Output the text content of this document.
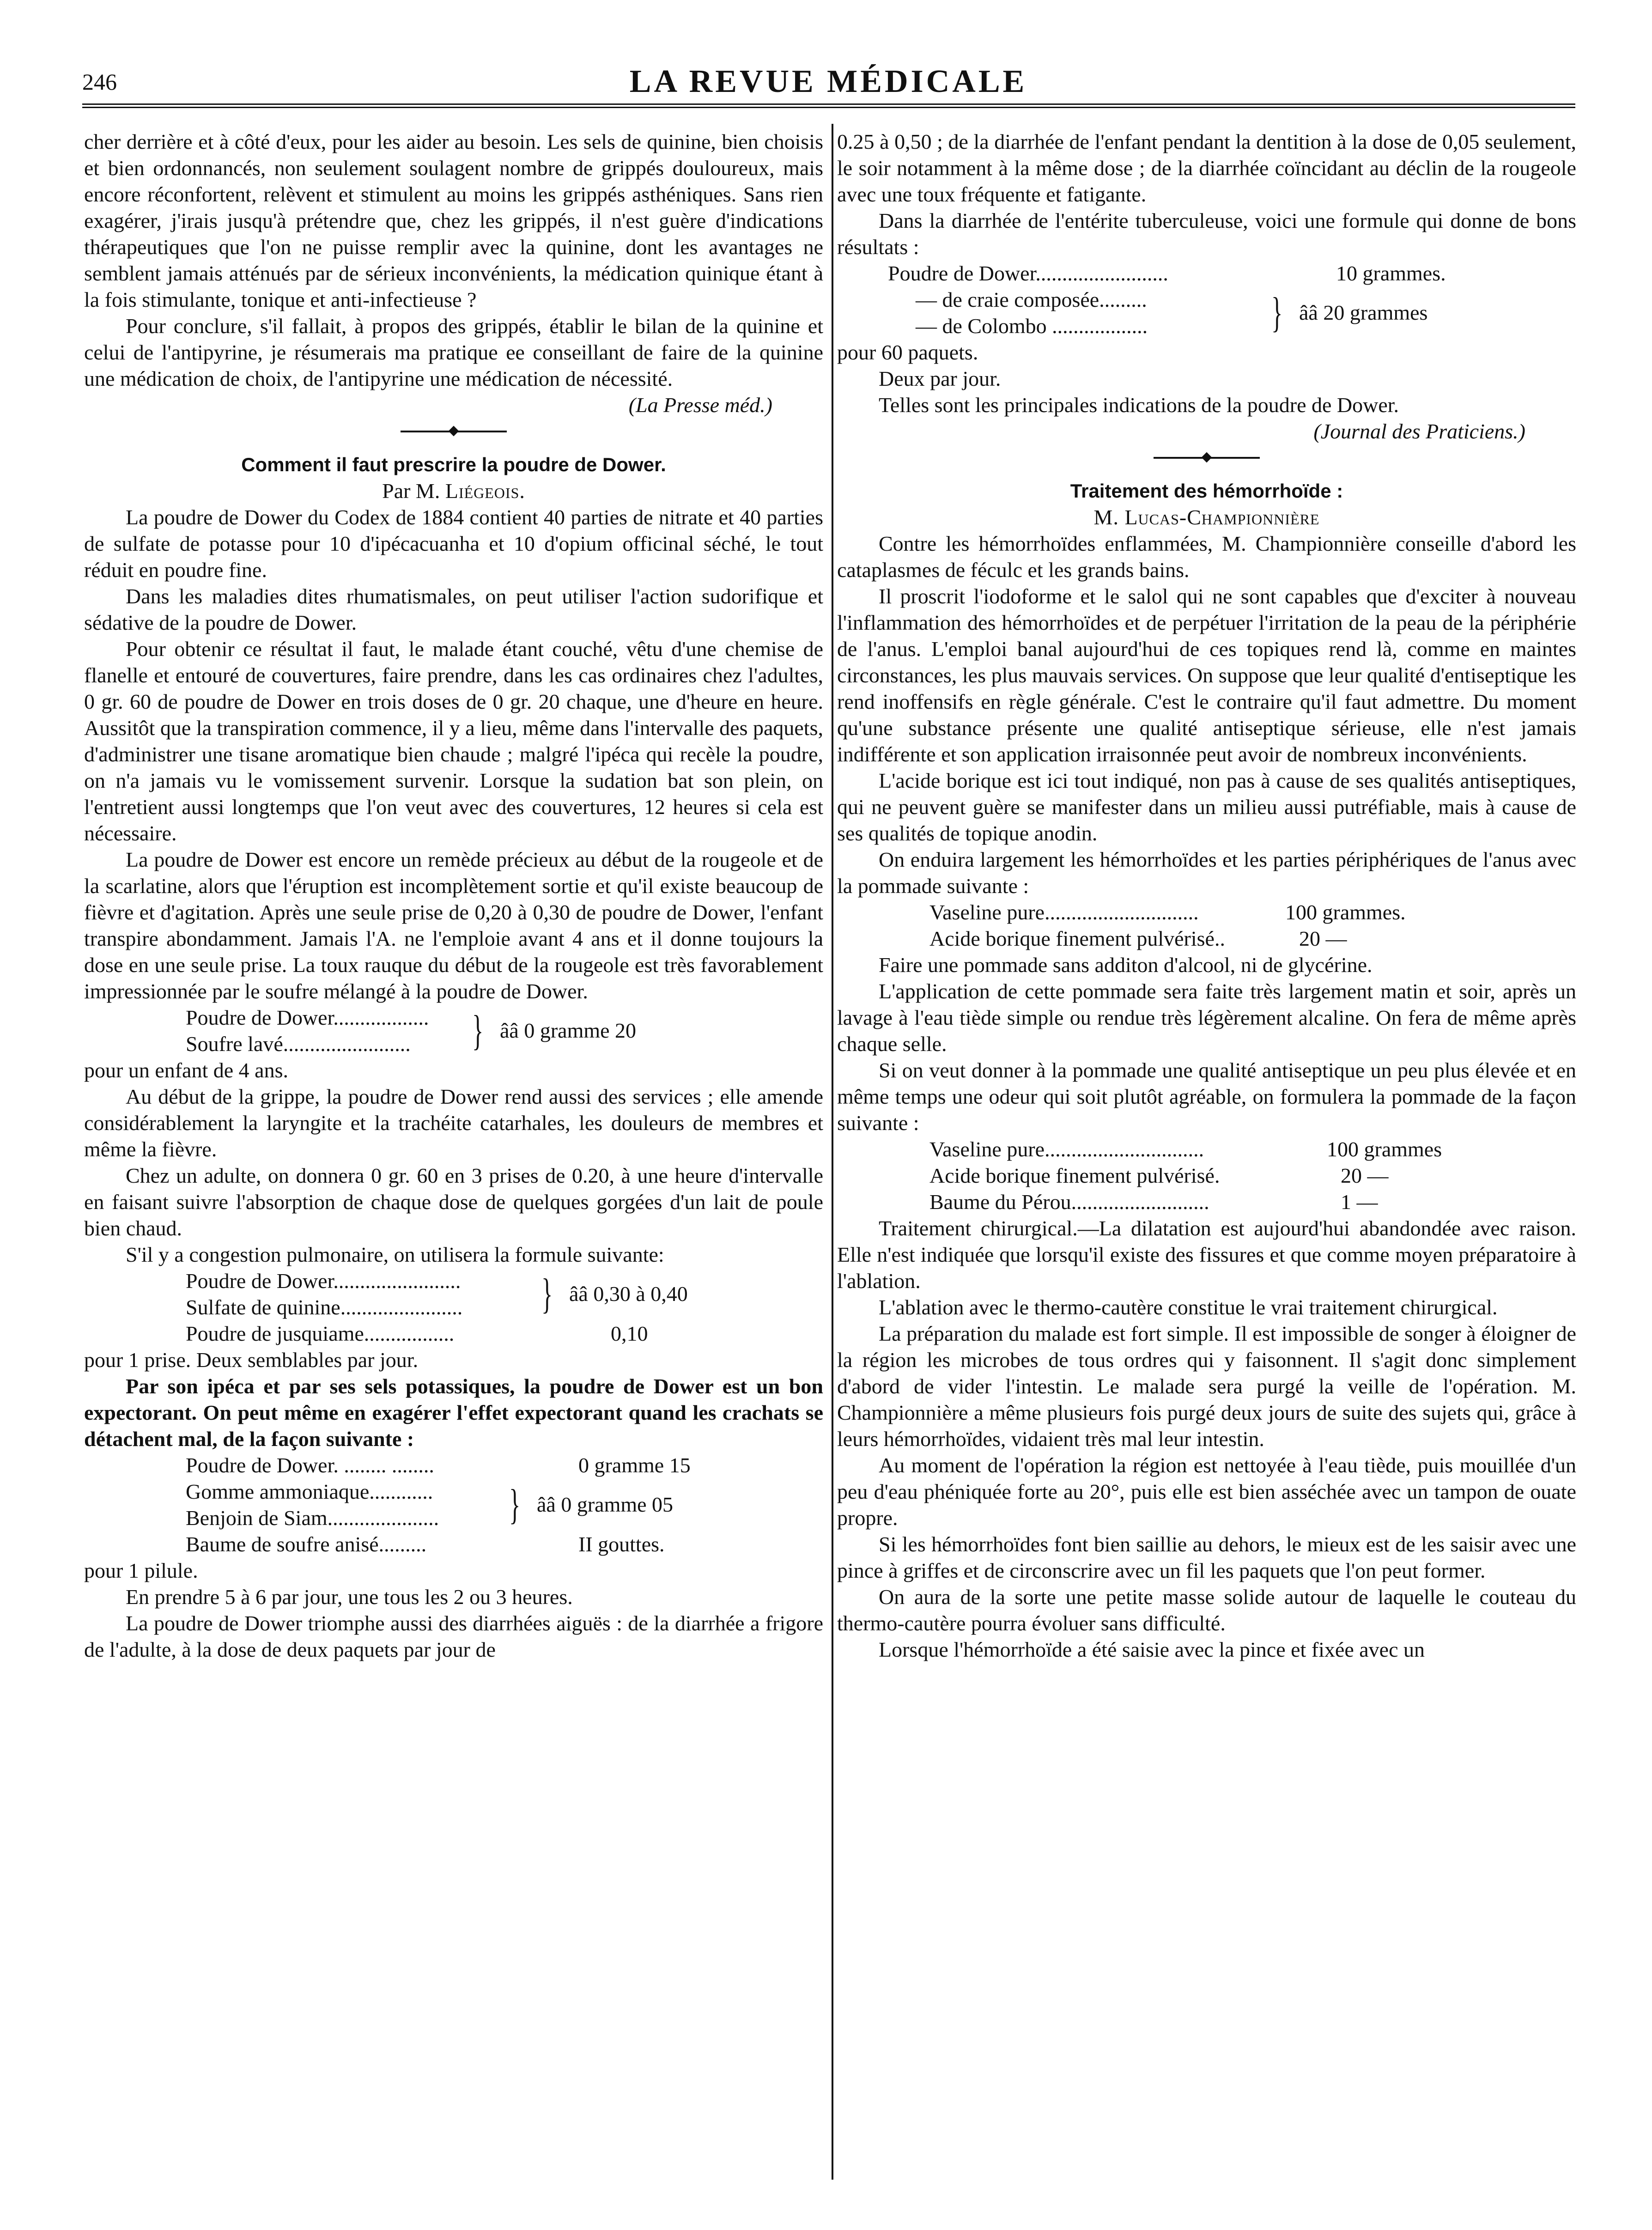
246	LA REVUE MÉDICALE

cher derrière et à côté d'eux, pour les aider au besoin. Les sels de quinine, bien choisis et bien ordonnancés, non seulement soulagent nombre de grippés douloureux, mais encore réconfortent, relèvent et stimulent au moins les grippés asthéniques. Sans rien exagérer, j'irais jusqu'à prétendre que, chez les grippés, il n'est guère d'indications thérapeutiques que l'on ne puisse remplir avec la quinine, dont les avantages ne semblent jamais atténués par de sérieux inconvénients, la médication quinique étant à la fois stimulante, tonique et anti-infectieuse ?

Pour conclure, s'il fallait, à propos des grippés, établir le bilan de la quinine et celui de l'antipyrine, je résumerais ma pratique ee conseillant de faire de la quinine une médication de choix, de l'antipyrine une médication de nécessité.

(La Presse méd.)

Comment il faut prescrire la poudre de Dower.
Par M. Liégeois.

La poudre de Dower du Codex de 1884 contient 40 parties de nitrate et 40 parties de sulfate de potasse pour 10 d'ipécacuanha et 10 d'opium officinal séché, le tout réduit en poudre fine.

Dans les maladies dites rhumatismales, on peut utiliser l'action sudorifique et sédative de la poudre de Dower.

Pour obtenir ce résultat il faut, le malade étant couché, vêtu d'une chemise de flanelle et entouré de couvertures, faire prendre, dans les cas ordinaires chez l'adultes, 0 gr. 60 de poudre de Dower en trois doses de 0 gr. 20 chaque, une d'heure en heure. Aussitôt que la transpiration commence, il y a lieu, même dans l'intervalle des paquets, d'administrer une tisane aromatique bien chaude ; malgré l'ipéca qui recèle la poudre, on n'a jamais vu le vomissement survenir. Lorsque la sudation bat son plein, on l'entretient aussi longtemps que l'on veut avec des couvertures, 12 heures si cela est nécessaire.

La poudre de Dower est encore un remède précieux au début de la rougeole et de la scarlatine, alors que l'éruption est incomplètement sortie et qu'il existe beaucoup de fièvre et d'agitation. Après une seule prise de 0,20 à 0,30 de poudre de Dower, l'enfant transpire abondamment. Jamais l'A. ne l'emploie avant 4 ans et il donne toujours la dose en une seule prise. La toux rauque du début de la rougeole est très favorablement impressionnée par le soufre mélangé à la poudre de Dower.

Poudre de Dower..................
Soufre lavé........................ } ââ 0 gramme 20

pour un enfant de 4 ans.

Au début de la grippe, la poudre de Dower rend aussi des services ; elle amende considérablement la laryngite et la trachéite catarhales, les douleurs de membres et même la fièvre.

Chez un adulte, on donnera 0 gr. 60 en 3 prises de 0.20, à une heure d'intervalle en faisant suivre l'absorption de chaque dose de quelques gorgées d'un lait de poule bien chaud.

S'il y a congestion pulmonaire, on utilisera la formule suivante:

Poudre de Dower........................
Sulfate de quinine....................... } ââ 0,30 à 0,40
Poudre de jusquiame.................	0,10

pour 1 prise. Deux semblables par jour.

Par son ipéca et par ses sels potassiques, la poudre de Dower est un bon expectorant. On peut même en exagérer l'effet expectorant quand les crachats se détachent mal, de la façon suivante :

Poudre de Dower. ........ ........	0 gramme 15
Gomme ammoniaque............
Benjoin de Siam..................... } ââ 0 gramme 05
Baume de soufre anisé.........	II gouttes.

pour 1 pilule.

En prendre 5 à 6 par jour, une tous les 2 ou 3 heures.

La poudre de Dower triomphe aussi des diarrhées aiguës : de la diarrhée a frigore de l'adulte, à la dose de deux paquets par jour de

0.25 à 0,50 ; de la diarrhée de l'enfant pendant la dentition à la dose de 0,05 seulement, le soir notamment à la même dose ; de la diarrhée coïncidant au déclin de la rougeole avec une toux fréquente et fatigante.

Dans la diarrhée de l'entérite tuberculeuse, voici une formule qui donne de bons résultats :

Poudre de Dower.........................	10 grammes.
— de craie composée.........
— de Colombo ..................	} ââ 20 grammes

pour 60 paquets.

Deux par jour.

Telles sont les principales indications de la poudre de Dower.

(Journal des Praticiens.)

Traitement des hémorrhoïde :
M. Lucas-Championnière

Contre les hémorrhoïdes enflammées, M. Championnière conseille d'abord les cataplasmes de féculc et les grands bains.

Il proscrit l'iodoforme et le salol qui ne sont capables que d'exciter à nouveau l'inflammation des hémorrhoïdes et de perpétuer l'irritation de la peau de la périphérie de l'anus. L'emploi banal aujourd'hui de ces topiques rend là, comme en maintes circonstances, les plus mauvais services. On suppose que leur qualité d'entiseptique les rend inoffensifs en règle générale. C'est le contraire qu'il faut admettre. Du moment qu'une substance présente une qualité antiseptique sérieuse, elle n'est jamais indifférente et son application irraisonnée peut avoir de nombreux inconvénients.

L'acide borique est ici tout indiqué, non pas à cause de ses qualités antiseptiques, qui ne peuvent guère se manifester dans un milieu aussi putréfiable, mais à cause de ses qualités de topique anodin.

On enduira largement les hémorrhoïdes et les parties périphériques de l'anus avec la pommade suivante :

Vaseline pure.............................	100 grammes.
Acide borique finement pulvérisé..	20 —

Faire une pommade sans additon d'alcool, ni de glycérine.

L'application de cette pommade sera faite très largement matin et soir, après un lavage à l'eau tiède simple ou rendue très légèrement alcaline. On fera de même après chaque selle.

Si on veut donner à la pommade une qualité antiseptique un peu plus élevée et en même temps une odeur qui soit plutôt agréable, on formulera la pommade de la façon suivante :

Vaseline pure..............................	100 grammes
Acide borique finement pulvérisé.	20 —
Baume du Pérou..........................	1 —

Traitement chirurgical.—La dilatation est aujourd'hui abandondée avec raison. Elle n'est indiquée que lorsqu'il existe des fissures et que comme moyen préparatoire à l'ablation.

L'ablation avec le thermo-cautère constitue le vrai traitement chirurgical.

La préparation du malade est fort simple. Il est impossible de songer à éloigner de la région les microbes de tous ordres qui y faisonnent. Il s'agit donc simplement d'abord de vider l'intestin. Le malade sera purgé la veille de l'opération. M. Championnière a même plusieurs fois purgé deux jours de suite des sujets qui, grâce à leurs hémorrhoïdes, vidaient très mal leur intestin.

Au moment de l'opération la région est nettoyée à l'eau tiède, puis mouillée d'un peu d'eau phéniquée forte au 20°, puis elle est bien asséchée avec un tampon de ouate propre.

Si les hémorrhoïdes font bien saillie au dehors, le mieux est de les saisir avec une pince à griffes et de circonscrire avec un fil les paquets que l'on peut former.

On aura de la sorte une petite masse solide autour de laquelle le couteau du thermo-cautère pourra évoluer sans difficulté.

Lorsque l'hémorrhoïde a été saisie avec la pince et fixée avec un
